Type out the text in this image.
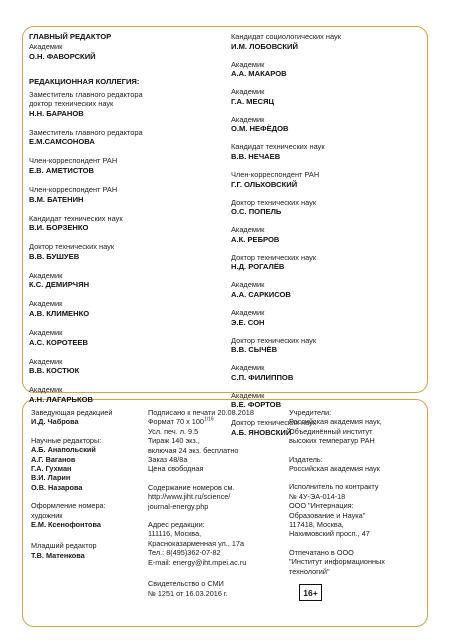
ГЛАВНЫЙ РЕДАКТОР
Академик
О.Н. ФАВОРСКИЙ
РЕДАКЦИОННАЯ КОЛЛЕГИЯ:
Заместитель главного редактора
доктор технических наук
Н.Н. БАРАНОВ
Заместитель главного редактора
Е.М.САМСОНОВА
Член-корреспондент РАН
Е.В. АМЕТИСТОВ
Член-корреспондент РАН
В.М. БАТЕНИН
Кандидат технических наук
В.И. БОРЗЕНКО
Доктор технических наук
В.В. БУШУЕВ
Академик
К.С. ДЕМИРЧЯН
Академик
А.В. КЛИМЕНКО
Академик
А.С. КОРОТЕЕВ
Академик
В.В. КОСТЮК
Академик
А.Н. ЛАГАРЬКОВ
Кандидат социологических наук
И.М. ЛОБОВСКИЙ
Академик
А.А. МАКАРОВ
Академик
Г.А. МЕСЯЦ
Академик
О.М. НЕФЁДОВ
Кандидат технических наук
В.В. НЕЧАЕВ
Член-корреспондент РАН
Г.Г. ОЛЬХОВСКИЙ
Доктор технических наук
О.С. ПОПЕЛЬ
Академик
А.К. РЕБРОВ
Доктор технических наук
Н.Д. РОГАЛЁВ
Академик
А.А. САРКИСОВ
Академик
Э.Е. СОН
Доктор технических наук
В.В. СЫЧЁВ
Академик
С.П. ФИЛИППОВ
Академик
В.Е. ФОРТОВ
Доктор технических наук
А.Б. ЯНОВСКИЙ
Заведующая редакцией
И.Д. Чаброва
Научные редакторы:
А.Б. Анапольский
А.Г. Ваганов
Г.А. Гухман
В.И. Ларин
О.В. Назарова
Оформление номера:
художник
Е.М. Ксенофонтова
Младший редактор
Т.В. Матенкова
Подписано к печати 20.08.2018
Формат 70 х $100^{1/16}$
Усл. печ. л. 9.5
Тираж 140 экз.,
включая 24 экз. бесплатно
Заказ 48/8а
Цена свободная
Содержание номеров см.
http://www.jiht.ru/science/
journal-energy.php
Адрес редакции:
111116, Москва,
Красноказарменная ул., 17а
Тел.: 8(495)362-07-82
E-mail: energy@iht.mpei.ac.ru
Свидетельство о СМИ
№ 1251 от 16.03.2016 г.
Учредители:
Российская академия наук,
Объединённый институт
высоких температур РАН
Издатель:
Российская академия наук
Исполнитель по контракту
№ 4У-ЭА-014-18
ООО "Интернация:
Образование и Наука"
117418, Москва,
Нахимовский просп., 47
Отпечатано в ООО
"Институт информационных
технологий"
16+
